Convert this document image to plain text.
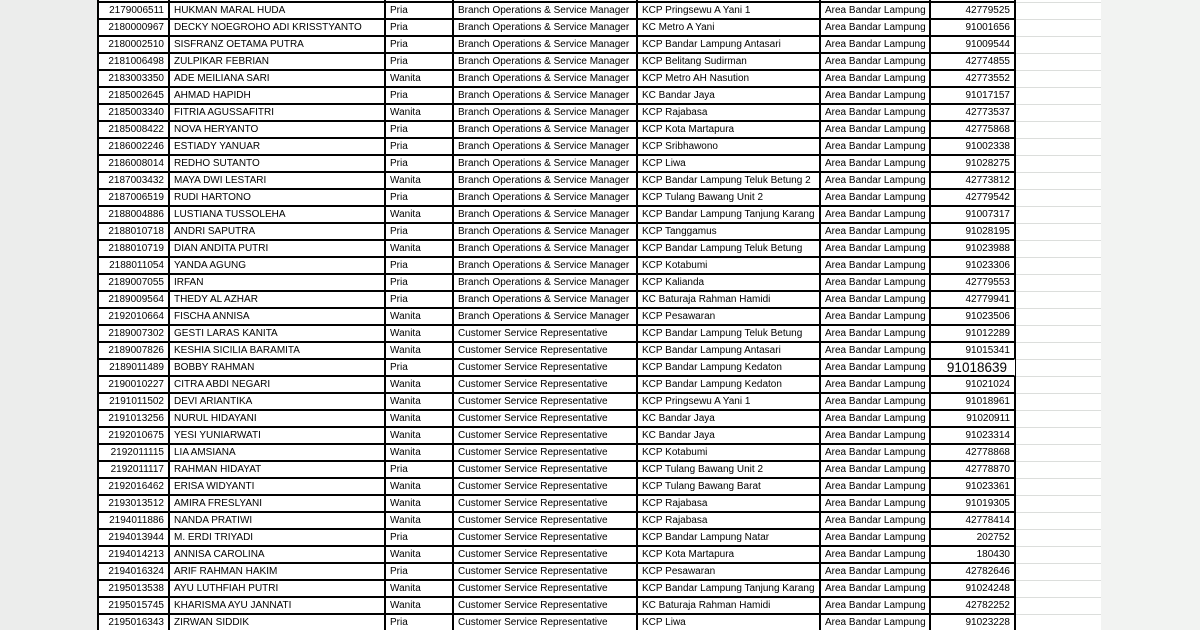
2179006511	HUKMAN MARAL HUDA	Pria	Branch Operations & Service Manager	KCP Pringsewu A Yani 1	Area Bandar Lampung	42779525
2180000967	DECKY NOEGROHO ADI KRISSTYANTO	Pria	Branch Operations & Service Manager	KC Metro A Yani	Area Bandar Lampung	91001656
2180002510	SISFRANZ OETAMA PUTRA	Pria	Branch Operations & Service Manager	KCP Bandar Lampung Antasari	Area Bandar Lampung	91009544
2181006498	ZULPIKAR FEBRIAN	Pria	Branch Operations & Service Manager	KCP Belitang Sudirman	Area Bandar Lampung	42774855
2183003350	ADE MEILIANA SARI	Wanita	Branch Operations & Service Manager	KCP Metro AH Nasution	Area Bandar Lampung	42773552
2185002645	AHMAD HAPIDH	Pria	Branch Operations & Service Manager	KC Bandar Jaya	Area Bandar Lampung	91017157
2185003340	FITRIA AGUSSAFITRI	Wanita	Branch Operations & Service Manager	KCP Rajabasa	Area Bandar Lampung	42773537
2185008422	NOVA HERYANTO	Pria	Branch Operations & Service Manager	KCP Kota Martapura	Area Bandar Lampung	42775868
2186002246	ESTIADY YANUAR	Pria	Branch Operations & Service Manager	KCP Sribhawono	Area Bandar Lampung	91002338
2186008014	REDHO SUTANTO	Pria	Branch Operations & Service Manager	KCP Liwa	Area Bandar Lampung	91028275
2187003432	MAYA DWI LESTARI	Wanita	Branch Operations & Service Manager	KCP Bandar Lampung Teluk Betung 2	Area Bandar Lampung	42773812
2187006519	RUDI HARTONO	Pria	Branch Operations & Service Manager	KCP Tulang Bawang Unit 2	Area Bandar Lampung	42779542
2188004886	LUSTIANA TUSSOLEHA	Wanita	Branch Operations & Service Manager	KCP Bandar Lampung Tanjung Karang	Area Bandar Lampung	91007317
2188010718	ANDRI SAPUTRA	Pria	Branch Operations & Service Manager	KCP Tanggamus	Area Bandar Lampung	91028195
2188010719	DIAN ANDITA PUTRI	Wanita	Branch Operations & Service Manager	KCP Bandar Lampung Teluk Betung	Area Bandar Lampung	91023988
2188011054	YANDA AGUNG	Pria	Branch Operations & Service Manager	KCP Kotabumi	Area Bandar Lampung	91023306
2189007055	IRFAN	Pria	Branch Operations & Service Manager	KCP Kalianda	Area Bandar Lampung	42779553
2189009564	THEDY AL AZHAR	Pria	Branch Operations & Service Manager	KC Baturaja Rahman Hamidi	Area Bandar Lampung	42779941
2192010664	FISCHA ANNISA	Wanita	Branch Operations & Service Manager	KCP Pesawaran	Area Bandar Lampung	91023506
2189007302	GESTI LARAS KANITA	Wanita	Customer Service Representative	KCP Bandar Lampung Teluk Betung	Area Bandar Lampung	91012289
2189007826	KESHIA SICILIA BARAMITA	Wanita	Customer Service Representative	KCP Bandar Lampung Antasari	Area Bandar Lampung	91015341
2189011489	BOBBY RAHMAN	Pria	Customer Service Representative	KCP Bandar Lampung Kedaton	Area Bandar Lampung	91018639
2190010227	CITRA ABDI NEGARI	Wanita	Customer Service Representative	KCP Bandar Lampung Kedaton	Area Bandar Lampung	91021024
2191011502	DEVI ARIANTIKA	Wanita	Customer Service Representative	KCP Pringsewu A Yani 1	Area Bandar Lampung	91018961
2191013256	NURUL HIDAYANI	Wanita	Customer Service Representative	KC Bandar Jaya	Area Bandar Lampung	91020911
2192010675	YESI YUNIARWATI	Wanita	Customer Service Representative	KC Bandar Jaya	Area Bandar Lampung	91023314
2192011115	LIA AMSIANA	Wanita	Customer Service Representative	KCP Kotabumi	Area Bandar Lampung	42778868
2192011117	RAHMAN HIDAYAT	Pria	Customer Service Representative	KCP Tulang Bawang Unit 2	Area Bandar Lampung	42778870
2192016462	ERISA WIDYANTI	Wanita	Customer Service Representative	KCP Tulang Bawang Barat	Area Bandar Lampung	91023361
2193013512	AMIRA FRESLYANI	Wanita	Customer Service Representative	KCP Rajabasa	Area Bandar Lampung	91019305
2194011886	NANDA PRATIWI	Wanita	Customer Service Representative	KCP Rajabasa	Area Bandar Lampung	42778414
2194013944	M. ERDI TRIYADI	Pria	Customer Service Representative	KCP Bandar Lampung Natar	Area Bandar Lampung	202752
2194014213	ANNISA CAROLINA	Wanita	Customer Service Representative	KCP Kota Martapura	Area Bandar Lampung	180430
2194016324	ARIF RAHMAN HAKIM	Pria	Customer Service Representative	KCP Pesawaran	Area Bandar Lampung	42782646
2195013538	AYU LUTHFIAH PUTRI	Wanita	Customer Service Representative	KCP Bandar Lampung Tanjung Karang	Area Bandar Lampung	91024248
2195015745	KHARISMA AYU JANNATI	Wanita	Customer Service Representative	KC Baturaja Rahman Hamidi	Area Bandar Lampung	42782252
2195016343	ZIRWAN SIDDIK	Pria	Customer Service Representative	KCP Liwa	Area Bandar Lampung	91023228
